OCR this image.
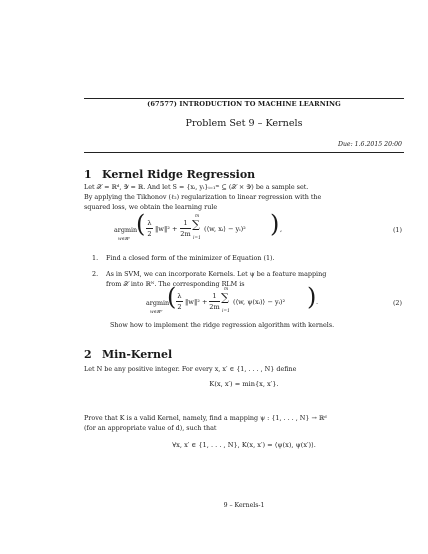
(67577) INTRODUCTION TO MACHINE LEARNING
Problem Set 9 – Kernels
Due: 1.6.2015 20:00
1 Kernel Ridge Regression
Let 𝒳 = ℝᵈ, 𝒴 = ℝ. And let S = {xᵢ, yᵢ}ᵢ₌₁ᵐ ⊆ (𝒳 × 𝒴) be a sample set.
By applying the Tikhonov (ℓ₂) regularization to linear regression with the
squared loss, we obtain the learning rule
argmin
w∈ℝᵈ
( λ
2
‖w‖² +
1
2m
m
∑
i=1
(⟨w, xᵢ⟩ − yᵢ)² ) ,	(1)
1. Find a closed form of the minimizer of Equation (1).
2. As in SVM, we can incorporate Kernels. Let ψ be a feature mapping
from 𝒳 into ℝᴺ. The corresponding RLM is
argmin
w∈ℝᴺ
( λ
2
‖w‖² +
1
2m
m
∑
i=1
(⟨w, ψ(xᵢ)⟩ − yᵢ)² ) .	(2)
Show how to implement the ridge regression algorithm with kernels.
2 Min-Kernel
Let N be any positive integer. For every x, x′ ∈ {1, . . . , N} define
K(x, x′) = min{x, x′}.
Prove that K is a valid Kernel, namely, find a mapping ψ : {1, . . . , N} → ℝᵈ
(for an appropriate value of d), such that
∀x, x′ ∈ {1, . . . , N}, K(x, x′) = ⟨ψ(x), ψ(x′)⟩.
9 – Kernels-1
